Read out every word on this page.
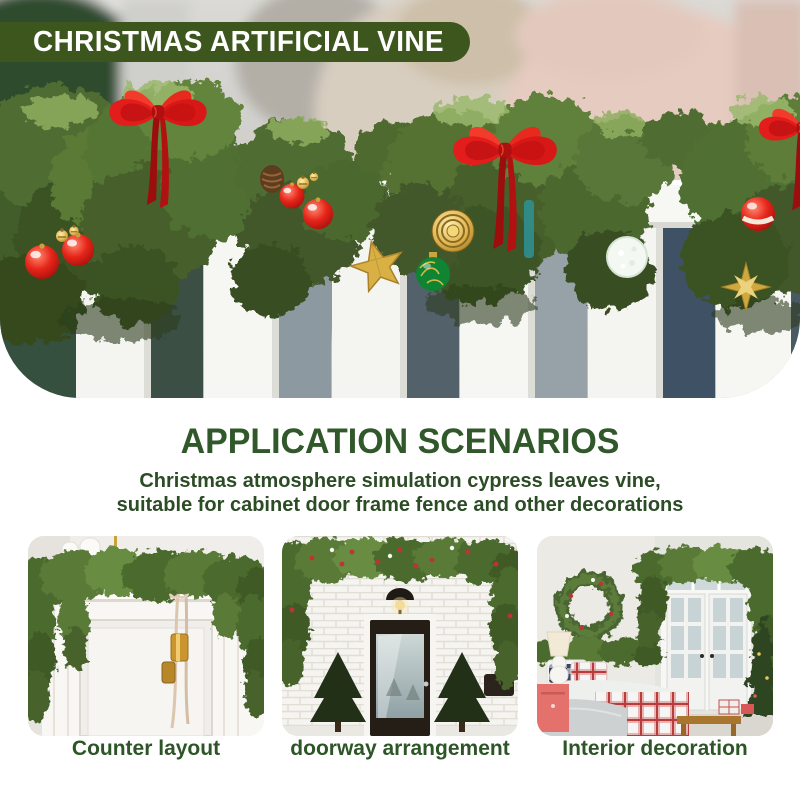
CHRISTMAS ARTIFICIAL VINE
APPLICATION SCENARIOS
Christmas atmosphere simulation cypress leaves vine,
suitable for cabinet door frame fence and other decorations
Counter layout	doorway arrangement	Interior decoration
